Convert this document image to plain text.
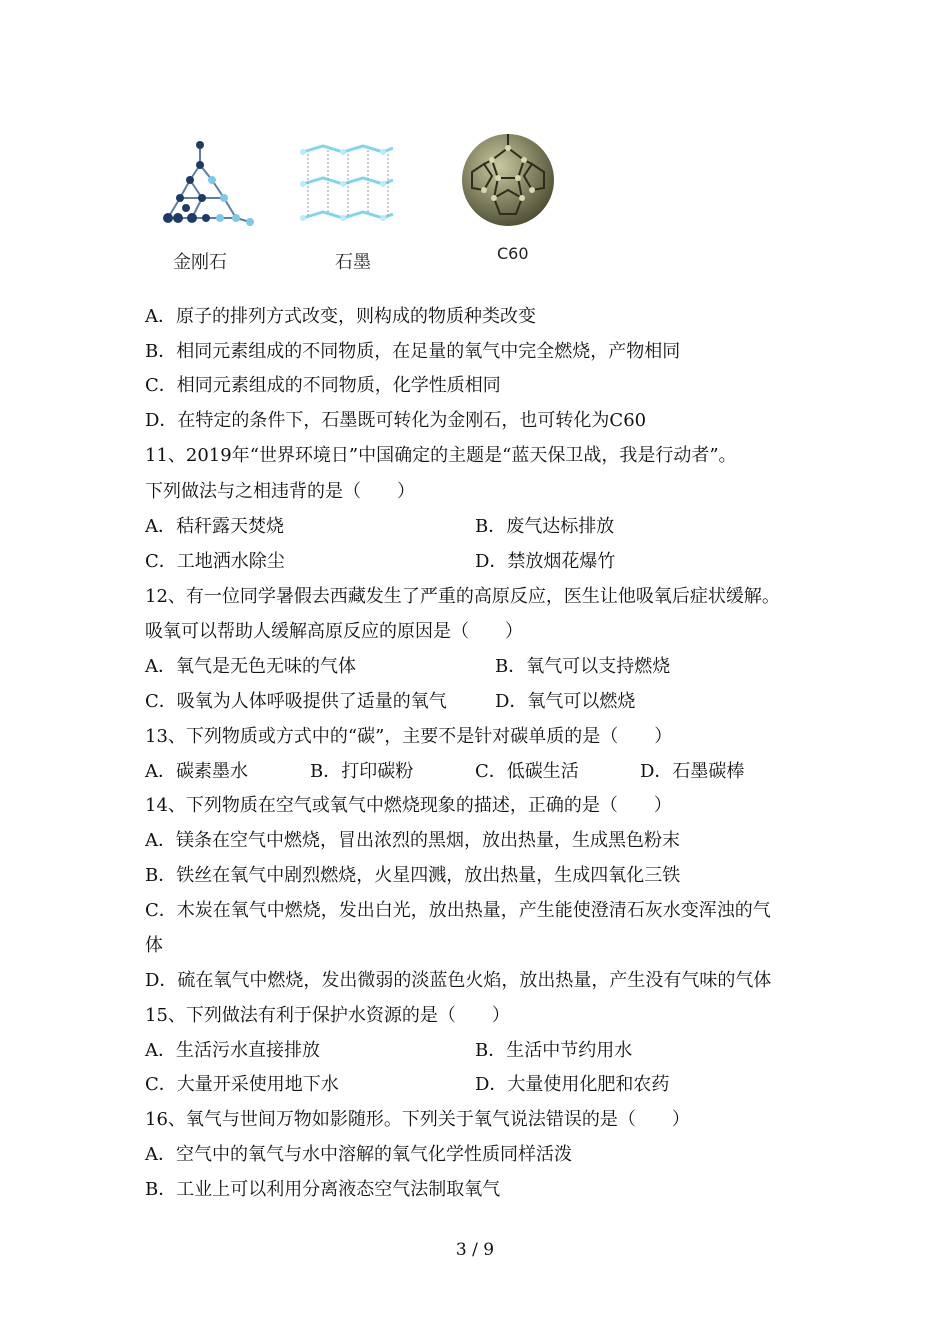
金刚石	石墨	C60
A．原子的排列方式改变，则构成的物质种类改变
B．相同元素组成的不同物质，在足量的氧气中完全燃烧，产物相同
C．相同元素组成的不同物质，化学性质相同
D．在特定的条件下，石墨既可转化为金刚石，也可转化为C60
11、2019年“世界环境日”中国确定的主题是“蓝天保卫战，我是行动者”。
下列做法与之相违背的是（　　）
A．秸秆露天焚烧	B．废气达标排放
C．工地洒水除尘	D．禁放烟花爆竹
12、有一位同学暑假去西藏发生了严重的高原反应，医生让他吸氧后症状缓解。
吸氧可以帮助人缓解高原反应的原因是（　　）
A．氧气是无色无味的气体	B．氧气可以支持燃烧
C．吸氧为人体呼吸提供了适量的氧气	D．氧气可以燃烧
13、下列物质或方式中的“碳”，主要不是针对碳单质的是（　　）
A．碳素墨水	B．打印碳粉	C．低碳生活	D．石墨碳棒
14、下列物质在空气或氧气中燃烧现象的描述，正确的是（　　）
A．镁条在空气中燃烧，冒出浓烈的黑烟，放出热量，生成黑色粉末
B．铁丝在氧气中剧烈燃烧，火星四溅，放出热量，生成四氧化三铁
C．木炭在氧气中燃烧，发出白光，放出热量，产生能使澄清石灰水变浑浊的气
体
D．硫在氧气中燃烧，发出微弱的淡蓝色火焰，放出热量，产生没有气味的气体
15、下列做法有利于保护水资源的是（　　）
A．生活污水直接排放	B．生活中节约用水
C．大量开采使用地下水	D．大量使用化肥和农药
16、氧气与世间万物如影随形。下列关于氧气说法错误的是（　　）
A．空气中的氧气与水中溶解的氧气化学性质同样活泼
B．工业上可以利用分离液态空气法制取氧气
3 / 9
